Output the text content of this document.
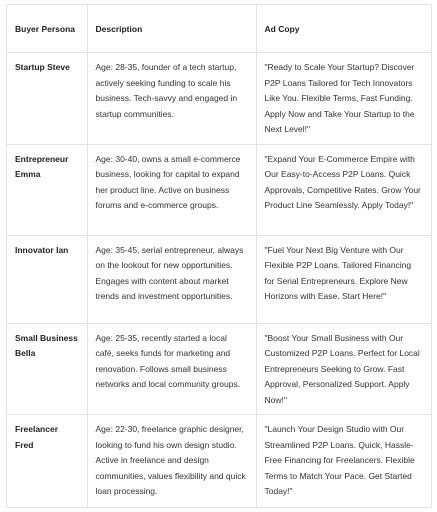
Buyer Persona	Description	Ad Copy
Startup Steve	Age: 28-35, founder of a tech startup, actively seeking funding to scale his business. Tech-savvy and engaged in startup communities.	"Ready to Scale Your Startup? Discover P2P Loans Tailored for Tech Innovators Like You. Flexible Terms, Fast Funding. Apply Now and Take Your Startup to the Next Level!"
Entrepreneur Emma	Age: 30-40, owns a small e-commerce business, looking for capital to expand her product line. Active on business forums and e-commerce groups.	"Expand Your E-Commerce Empire with Our Easy-to-Access P2P Loans. Quick Approvals, Competitive Rates. Grow Your Product Line Seamlessly. Apply Today!"
Innovator Ian	Age: 35-45, serial entrepreneur, always on the lookout for new opportunities. Engages with content about market trends and investment opportunities.	"Fuel Your Next Big Venture with Our Flexible P2P Loans. Tailored Financing for Serial Entrepreneurs. Explore New Horizons with Ease. Start Here!"
Small Business Bella	Age: 25-35, recently started a local café, seeks funds for marketing and renovation. Follows small business networks and local community groups.	"Boost Your Small Business with Our Customized P2P Loans. Perfect for Local Entrepreneurs Seeking to Grow. Fast Approval, Personalized Support. Apply Now!"
Freelancer Fred	Age: 22-30, freelance graphic designer, looking to fund his own design studio. Active in freelance and design communities, values flexibility and quick loan processing.	"Launch Your Design Studio with Our Streamlined P2P Loans. Quick, Hassle-Free Financing for Freelancers. Flexible Terms to Match Your Pace. Get Started Today!"
